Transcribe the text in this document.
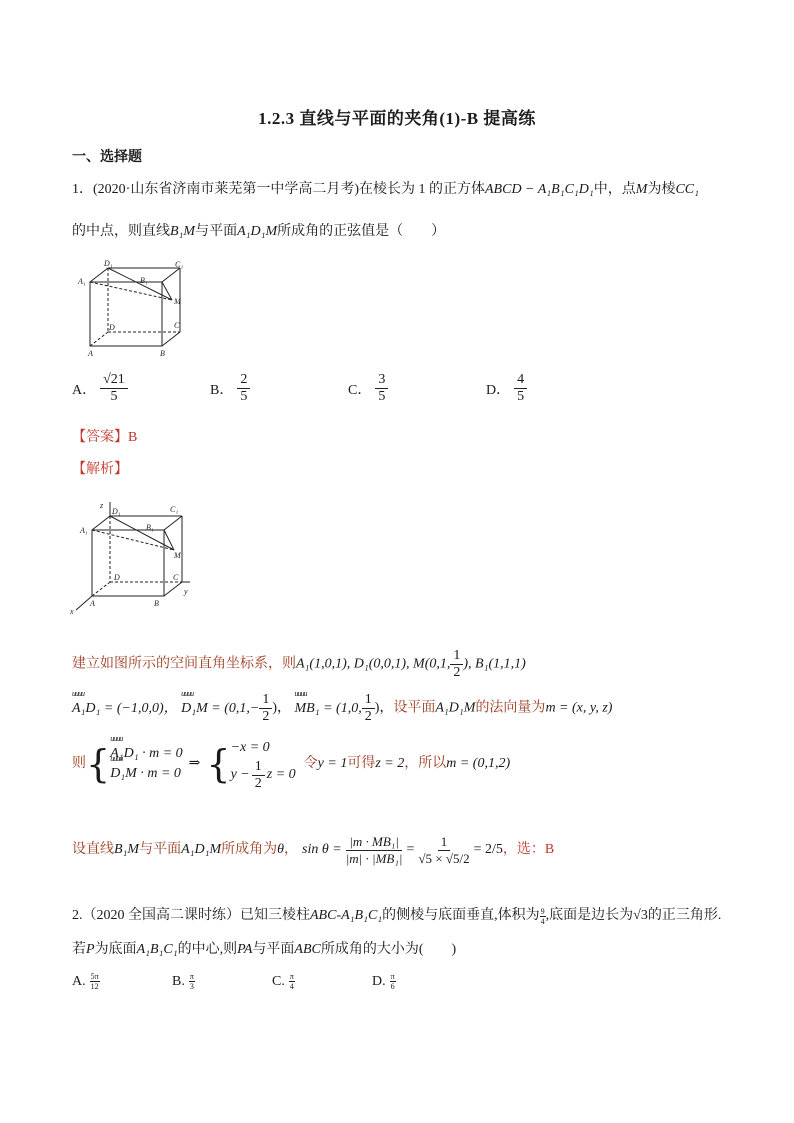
1.2.3 直线与平面的夹角(1)-B 提高练
一、选择题
1．(2020·山东省济南市莱芜第一中学高二月考)在棱长为 1 的正方体ABCD − A₁B₁C₁D₁中，点M为棱CC₁
的中点，则直线B₁M与平面A₁D₁M所成角的正弦值是（　　）
A₁
D₁
B₁
C₁
M
D	C
A	B
A． $\frac{√21}{5}$	B． $\frac{2}{5}$	C． $\frac{3}{5}$	D． $\frac{4}{5}$
【答案】B
【解析】
z
y
x
A₁
D₁
B₁
C₁
M
D	C
A	B
建立如图所示的空间直角坐标系，则A₁(1,0,1), D₁(0,0,1), M(0,1, $\frac{1}{2}$ ), B₁(1,1,1)
uuuu A₁D₁ = (−1,0,0)， uuuu $D_1M = (0,1,- \frac{1}{2}$ )， uuuu MB₁ = (1,0, $\frac{1}{2}$ )，设平面A₁D₁M的法向量为m = (x, y, z)
则 { uuuu A₁D₁ · m = 0
uuuu D₁M · m = 0
⇒ { −x = 0
$y - \frac{1}{2}$ z = 0
令 y = 1 可得 z = 2 ，所以 m = (0,1,2)
设直线 B₁M 与平面 A₁D₁M 所成角为 θ ， $\sin \theta = \frac{\text{|m · MB₁|}}{\text{|m| · |MB₁|}} = \frac{1}{√5 \times √5/2} = 2/5$ ，选：B
2.（2020 全国高二课时练）已知三棱柱 ABC-A₁B₁C₁ 的侧棱与底面垂直,体积为 $\frac{9}{4}$ ,底面是边长为 √3 的正三角形.
若P为底面A₁B₁C₁的中心,则PA与平面ABC所成角的大小为(　　)
A. $\frac{5\pi}{12}$	B. $\frac{\pi}{3}$	C. $\frac{\pi}{4}$	D. $\frac{\pi}{6}$
